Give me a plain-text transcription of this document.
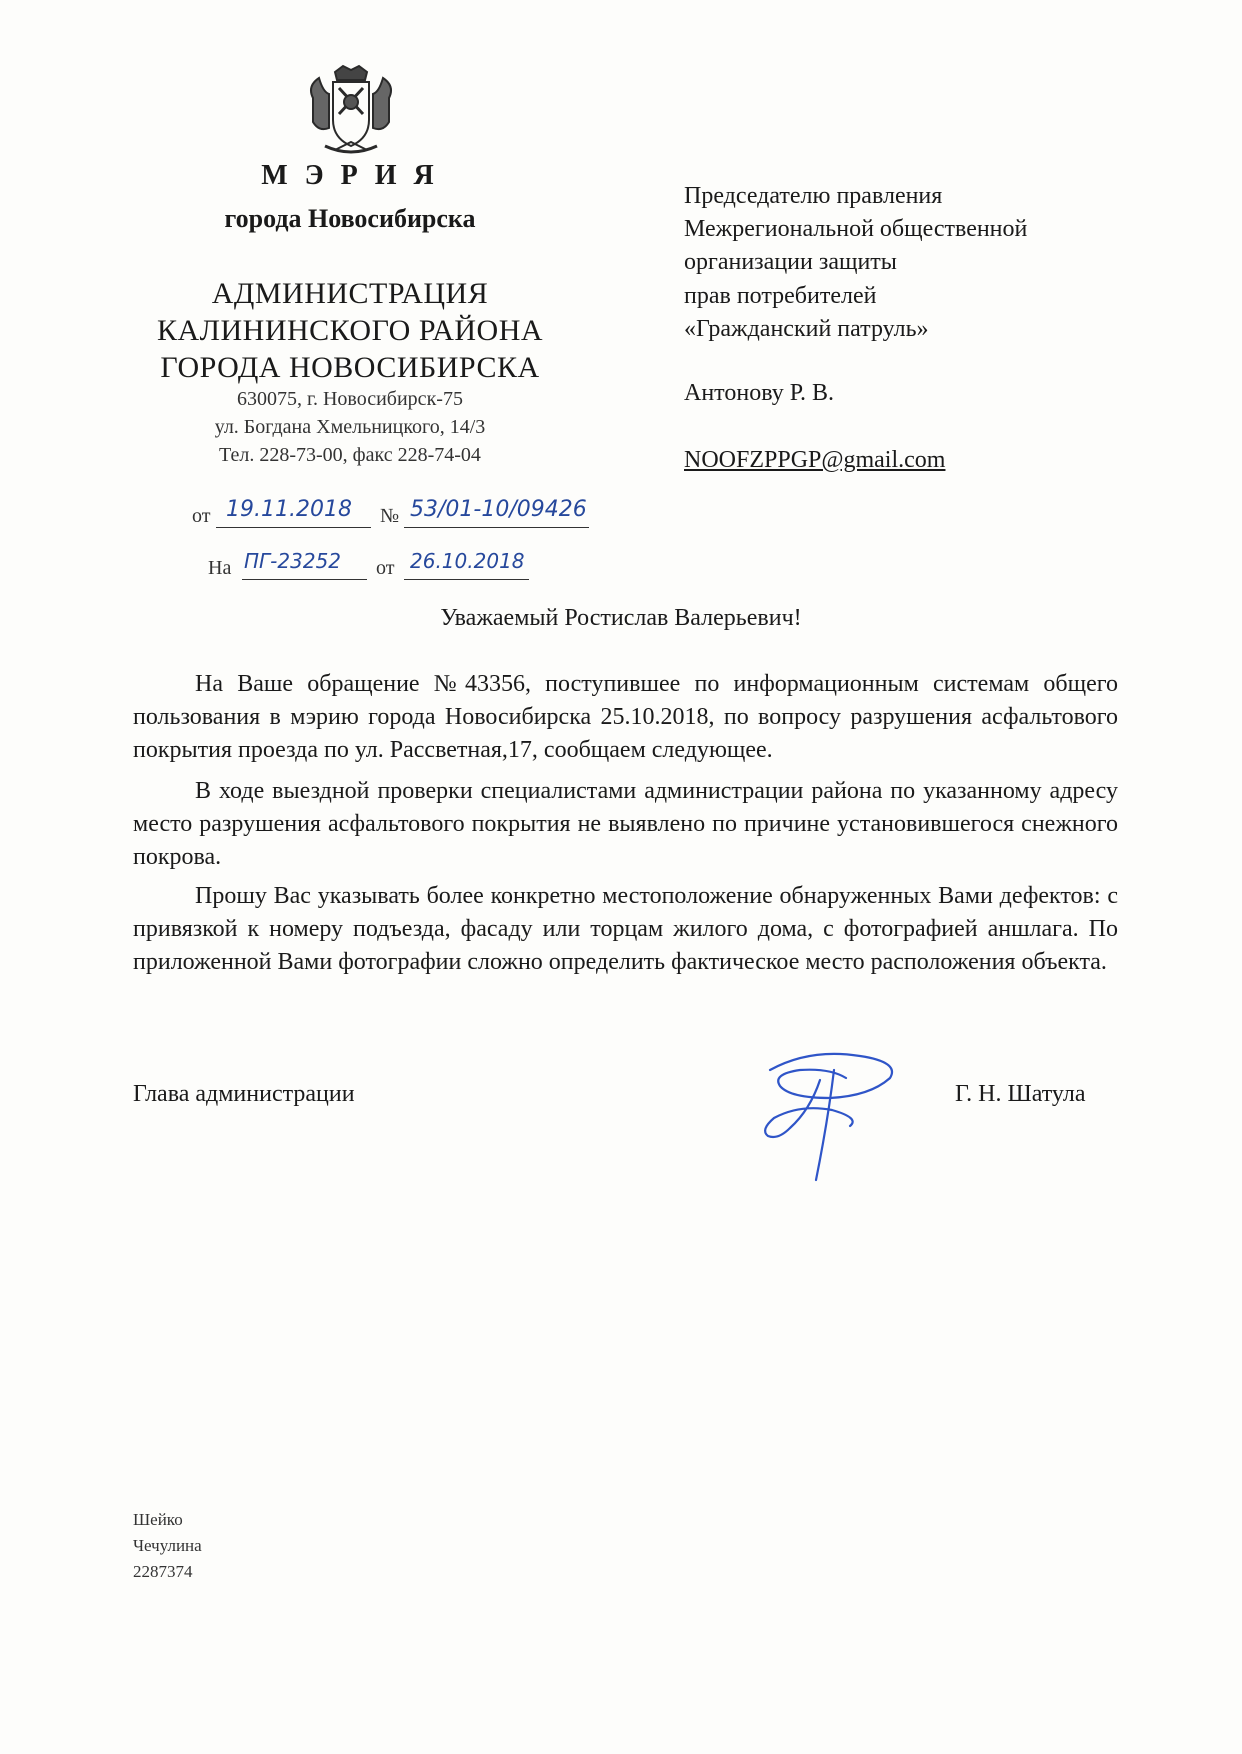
М Э Р И Я
города Новосибирска
АДМИНИСТРАЦИЯ
КАЛИНИНСКОГО РАЙОНА
ГОРОДА НОВОСИБИРСКА
630075, г. Новосибирск-75
ул. Богдана Хмельницкого, 14/3
Тел. 228-73-00, факс 228-74-04
от 19.11.2018 № 53/01-10/09426
На ПГ-23252 от 26.10.2018
Председателю правления
Межрегиональной общественной
организации защиты
прав потребителей
«Гражданский патруль»
Антонову Р. В.
NOOFZPPGP@gmail.com
Уважаемый Ростислав Валерьевич!
На Ваше обращение №43356, поступившее по информационным системам общего пользования в мэрию города Новосибирска 25.10.2018, по вопросу разрушения асфальтового покрытия проезда по ул. Рассветная,17, сообщаем следующее.
В ходе выездной проверки специалистами администрации района по указанному адресу место разрушения асфальтового покрытия не выявлено по причине установившегося снежного покрова.
Прошу Вас указывать более конкретно местоположение обнаруженных Вами дефектов: с привязкой к номеру подъезда, фасаду или торцам жилого дома, с фотографией аншлага. По приложенной Вами фотографии сложно определить фактическое место расположения объекта.
Глава администрации	Г. Н. Шатула
Шейко
Чечулина
2287374
